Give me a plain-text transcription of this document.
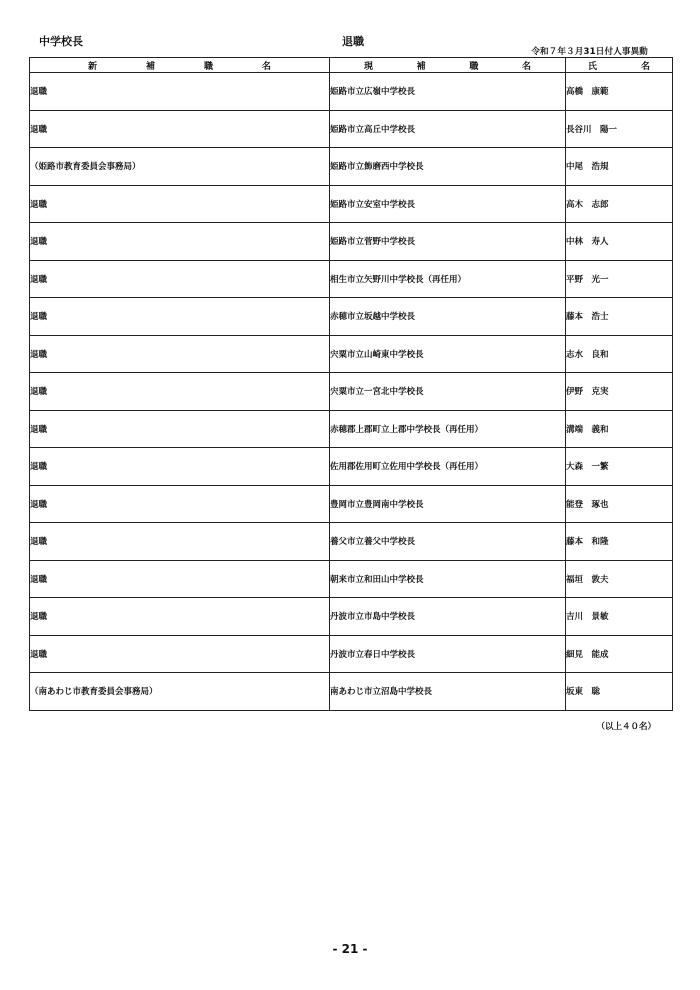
中学校長	退職
令和７年３月31日付人事異動
新 補 職 名	現 補 職 名	氏 名

退職	姫路市立広嶺中学校長	高橋　康範
退職	姫路市立高丘中学校長	長谷川　陽一
（姫路市教育委員会事務局）	姫路市立飾磨西中学校長	中尾　浩規
退職	姫路市立安室中学校長	高木　志郎
退職	姫路市立菅野中学校長	中林　寿人
退職	相生市立矢野川中学校長（再任用）	平野　光一
退職	赤穂市立坂越中学校長	藤本　浩士
退職	宍粟市立山崎東中学校長	志水　良和
退職	宍粟市立一宮北中学校長	伊野　克実
退職	赤穂郡上郡町立上郡中学校長（再任用）	溝端　義和
退職	佐用郡佐用町立佐用中学校長（再任用）	大森　一繁
退職	豊岡市立豊岡南中学校長	能登　琢也
退職	養父市立養父中学校長	藤本　和隆
退職	朝来市立和田山中学校長	福垣　敦夫
退職	丹波市立市島中学校長	吉川　景敏
退職	丹波市立春日中学校長	細見　能成
（南あわじ市教育委員会事務局）	南あわじ市立沼島中学校長	坂東　聡
（以上４０名）
- 21 -
